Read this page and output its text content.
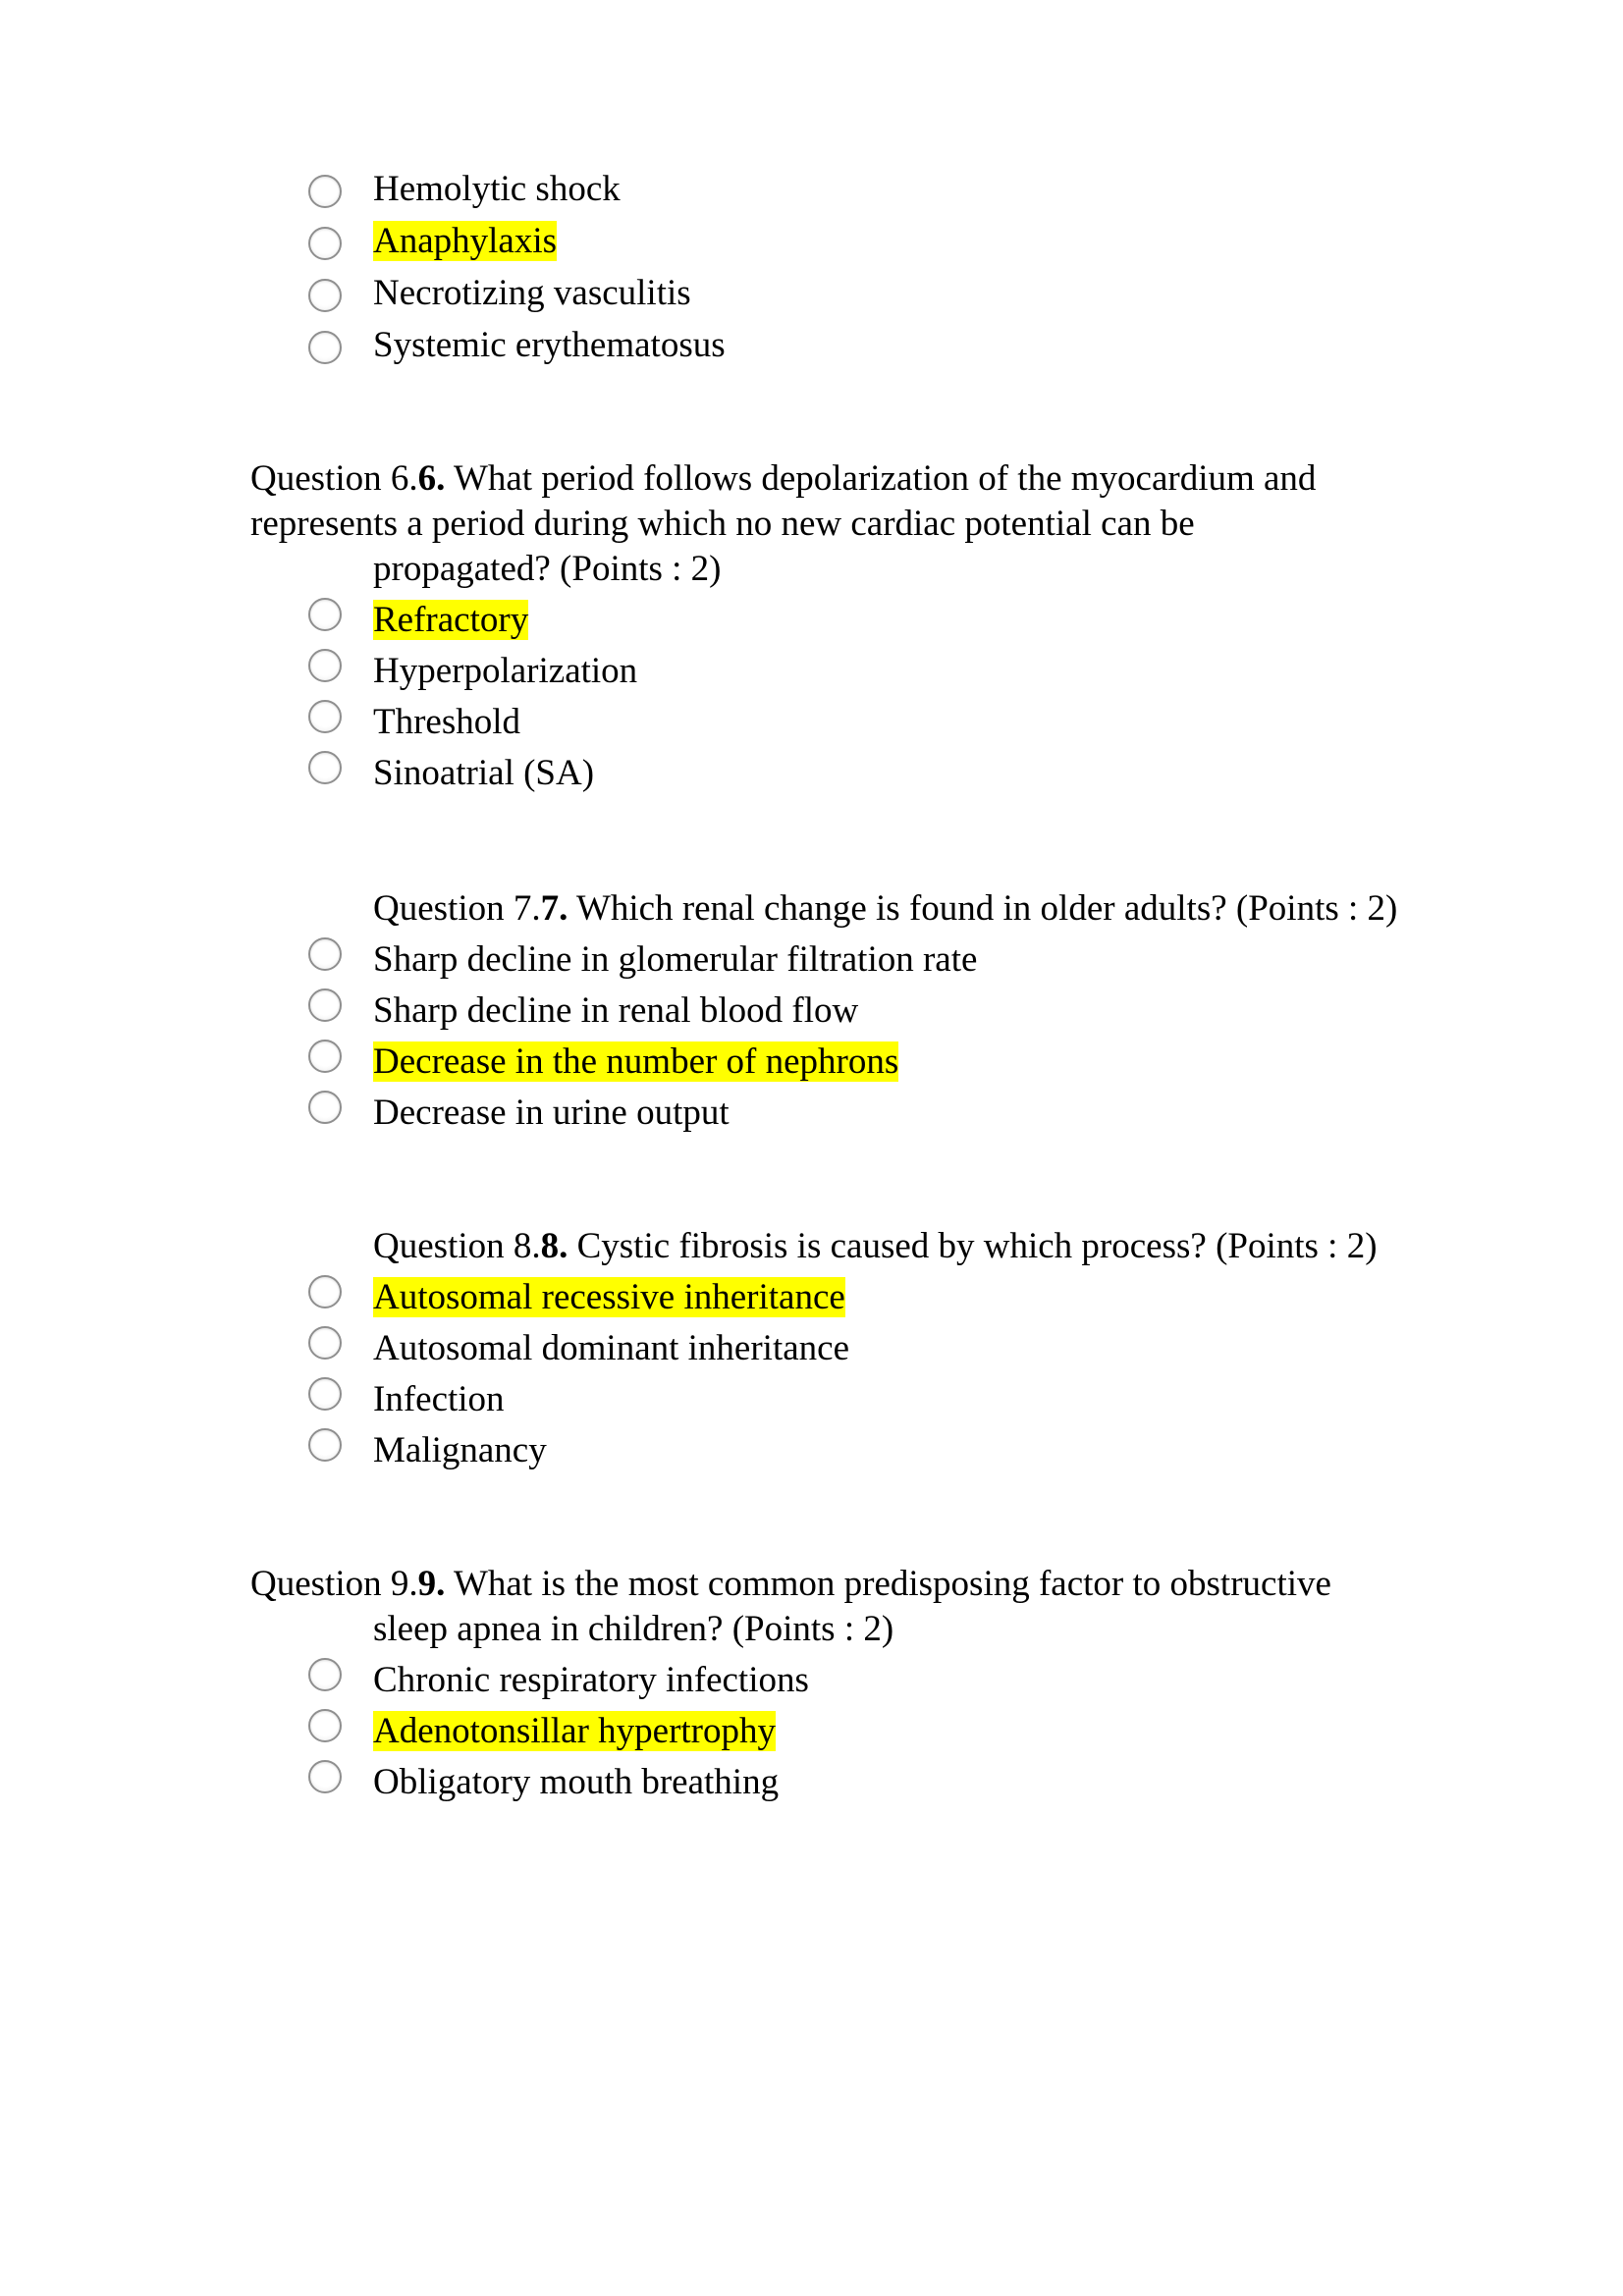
Hemolytic shock
Anaphylaxis
Necrotizing vasculitis
Systemic erythematosus
Question 6.6. What period follows depolarization of the myocardium and
represents a period during which no new cardiac potential can be
propagated? (Points : 2)
Refractory
Hyperpolarization
Threshold
Sinoatrial (SA)
Question 7.7. Which renal change is found in older adults? (Points : 2)
Sharp decline in glomerular filtration rate
Sharp decline in renal blood flow
Decrease in the number of nephrons
Decrease in urine output
Question 8.8. Cystic fibrosis is caused by which process? (Points : 2)
Autosomal recessive inheritance
Autosomal dominant inheritance
Infection
Malignancy
Question 9.9. What is the most common predisposing factor to obstructive
sleep apnea in children? (Points : 2)
Chronic respiratory infections
Adenotonsillar hypertrophy
Obligatory mouth breathing
